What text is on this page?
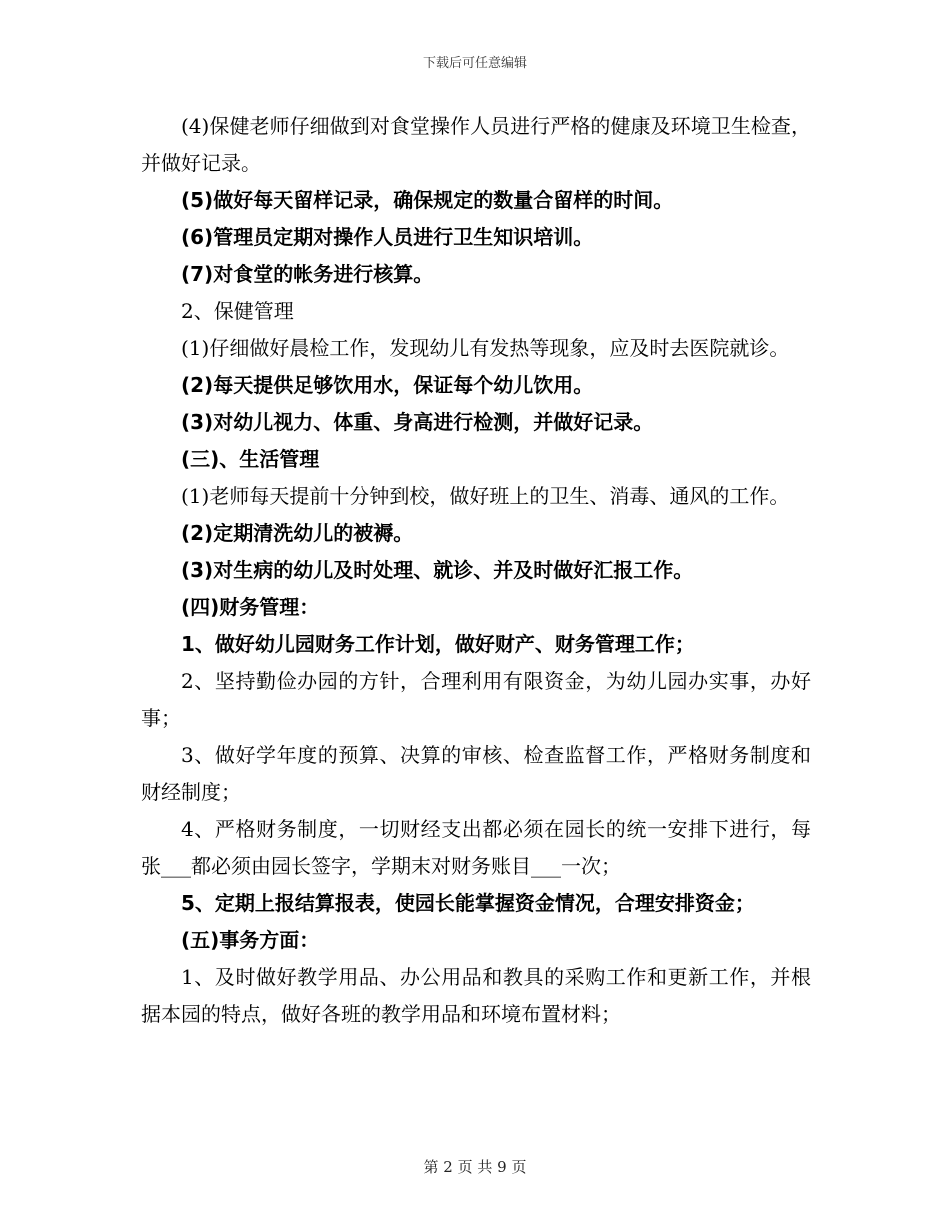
下载后可任意编辑

(4)保健老师仔细做到对食堂操作人员进行严格的健康及环境卫生检查，并做好记录。

(5)做好每天留样记录，确保规定的数量合留样的时间。

(6)管理员定期对操作人员进行卫生知识培训。

(7)对食堂的帐务进行核算。

2、保健管理

(1)仔细做好晨检工作，发现幼儿有发热等现象，应及时去医院就诊。

(2)每天提供足够饮用水，保证每个幼儿饮用。

(3)对幼儿视力、体重、身高进行检测，并做好记录。

(三)、生活管理

(1)老师每天提前十分钟到校，做好班上的卫生、消毒、通风的工作。

(2)定期清洗幼儿的被褥。

(3)对生病的幼儿及时处理、就诊、并及时做好汇报工作。

(四)财务管理：

1、做好幼儿园财务工作计划，做好财产、财务管理工作；

2、坚持勤俭办园的方针，合理利用有限资金，为幼儿园办实事，办好事；

3、做好学年度的预算、决算的审核、检查监督工作，严格财务制度和财经制度；

4、严格财务制度，一切财经支出都必须在园长的统一安排下进行，每张___都必须由园长签字，学期末对财务账目___一次；

5、定期上报结算报表，使园长能掌握资金情况，合理安排资金；

(五)事务方面：

1、及时做好教学用品、办公用品和教具的采购工作和更新工作，并根据本园的特点，做好各班的教学用品和环境布置材料；

第 2 页 共 9 页
